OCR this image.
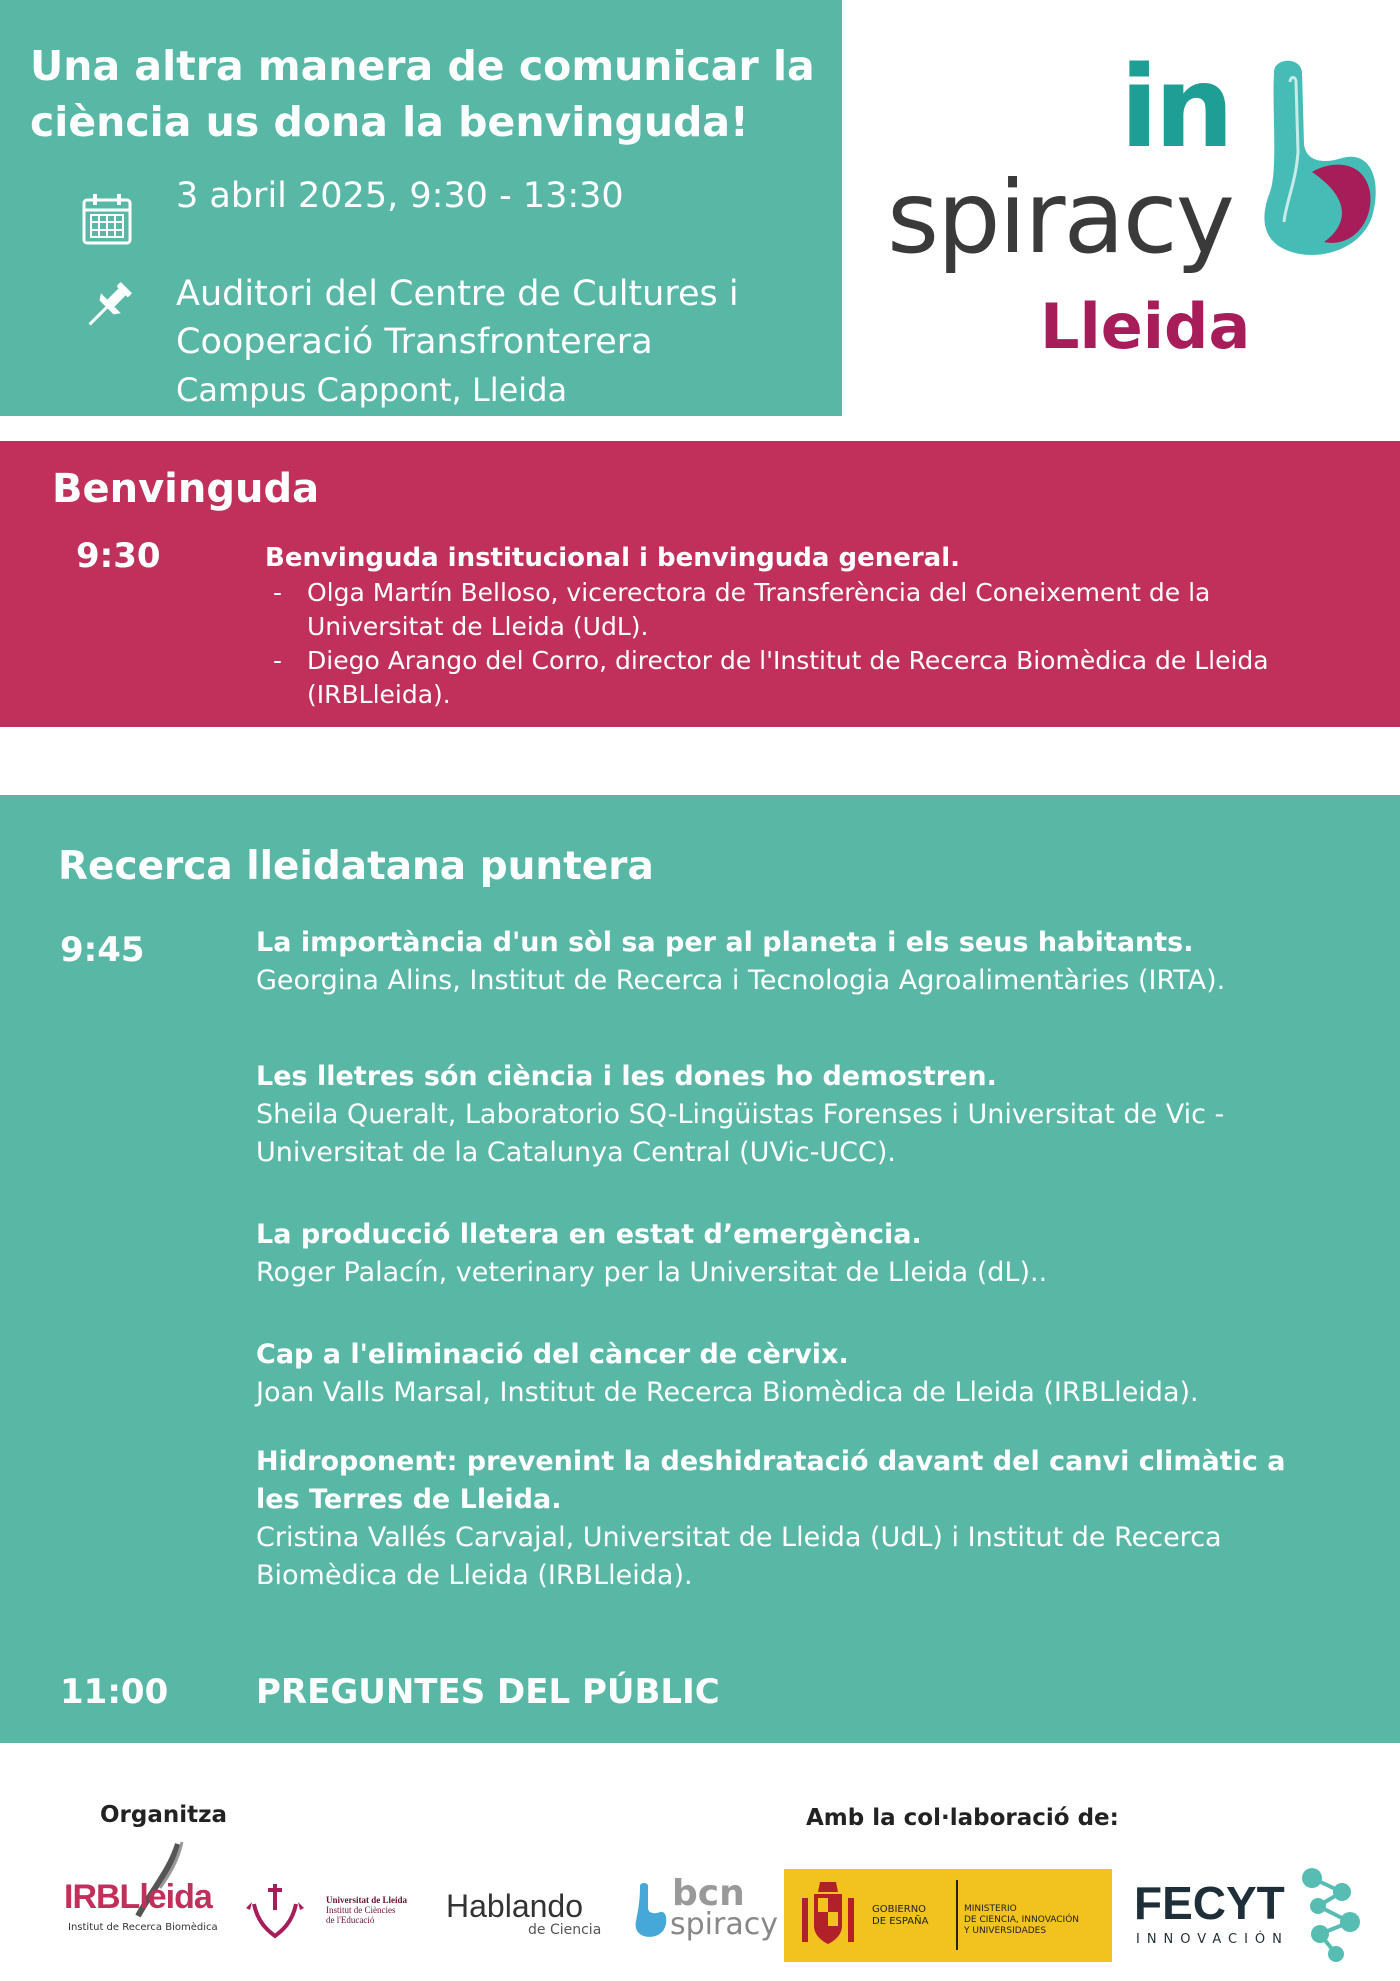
Una altra manera de comunicar la
ciència us dona la benvinguda!
3 abril 2025, 9:30 - 13:30
Auditori del Centre de Cultures i
Cooperació Transfronterera
Campus Cappont, Lleida
in
spiracy
Lleida
Benvinguda
9:30	Benvinguda institucional i benvinguda general.
- Olga Martín Belloso, vicerectora de Transferència del Coneixement de la
Universitat de Lleida (UdL).
- Diego Arango del Corro, director de l'Institut de Recerca Biomèdica de Lleida
(IRBLleida).
Recerca lleidatana puntera
9:45	La importància d'un sòl sa per al planeta i els seus habitants.
Georgina Alins, Institut de Recerca i Tecnologia Agroalimentàries (IRTA).
Les lletres són ciència i les dones ho demostren.
Sheila Queralt, Laboratorio SQ-Lingüistas Forenses i Universitat de Vic -
Universitat de la Catalunya Central (UVic-UCC).
La producció lletera en estat d’emergència.
Roger Palacín, veterinary per la Universitat de Lleida (dL)..
Cap a l'eliminació del càncer de cèrvix.
Joan Valls Marsal, Institut de Recerca Biomèdica de Lleida (IRBLleida).
Hidroponent: prevenint la deshidratació davant del canvi climàtic a
les Terres de Lleida.
Cristina Vallés Carvajal, Universitat de Lleida (UdL) i Institut de Recerca
Biomèdica de Lleida (IRBLleida).
11:00	PREGUNTES DEL PÚBLIC
Organitza	Amb la col·laboració de:
IRBLleida
Institut de Recerca Biomèdica
Universitat de Lleida
Institut de Ciències
de l'Educació	Hablando
de Ciencia
bcn
spiracy	GOBIERNO
DE ESPAÑA
MINISTERIO
DE CIENCIA, INNOVACIÓN
Y UNIVERSIDADES
FECYT
INNOVACIÓN
